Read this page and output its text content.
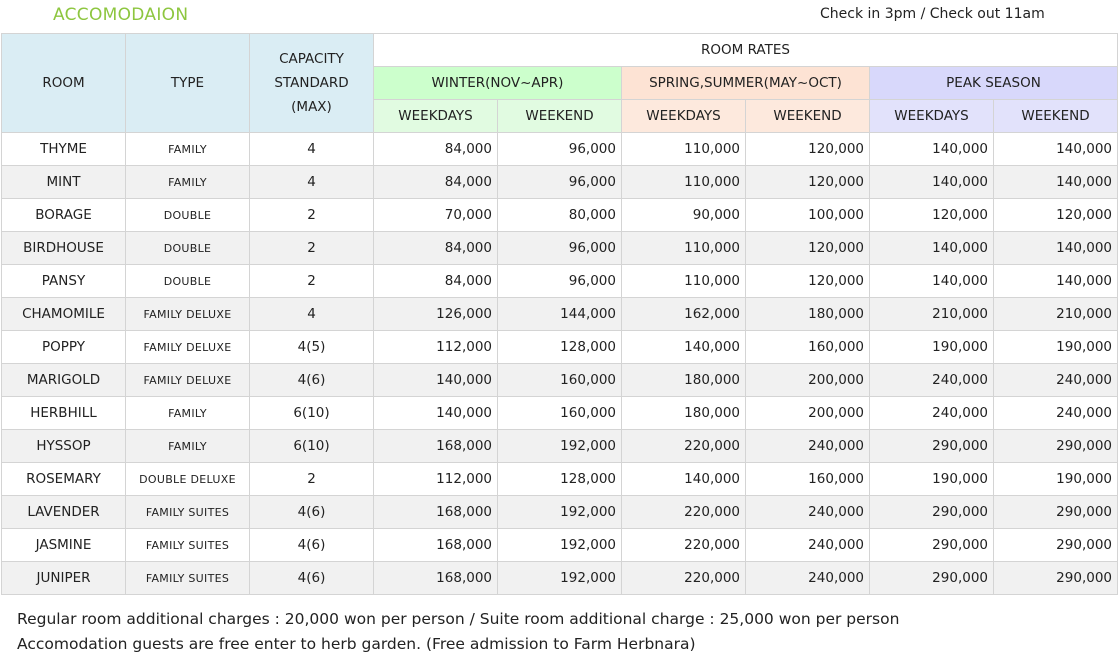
ACCOMODAION	Check in 3pm / Check out 11am
ROOM	TYPE	CAPACITY STANDARD (MAX)	ROOM RATES					
			WINTER(NOV~APR)		SPRING,SUMMER(MAY~OCT)		PEAK SEASON	
			WEEKDAYS	WEEKEND	WEEKDAYS	WEEKEND	WEEKDAYS	WEEKEND
THYME	FAMILY	4	84,000	96,000	110,000	120,000	140,000	140,000
MINT	FAMILY	4	84,000	96,000	110,000	120,000	140,000	140,000
BORAGE	DOUBLE	2	70,000	80,000	90,000	100,000	120,000	120,000
BIRDHOUSE	DOUBLE	2	84,000	96,000	110,000	120,000	140,000	140,000
PANSY	DOUBLE	2	84,000	96,000	110,000	120,000	140,000	140,000
CHAMOMILE	FAMILY DELUXE	4	126,000	144,000	162,000	180,000	210,000	210,000
POPPY	FAMILY DELUXE	4(5)	112,000	128,000	140,000	160,000	190,000	190,000
MARIGOLD	FAMILY DELUXE	4(6)	140,000	160,000	180,000	200,000	240,000	240,000
HERBHILL	FAMILY	6(10)	140,000	160,000	180,000	200,000	240,000	240,000
HYSSOP	FAMILY	6(10)	168,000	192,000	220,000	240,000	290,000	290,000
ROSEMARY	DOUBLE DELUXE	2	112,000	128,000	140,000	160,000	190,000	190,000
LAVENDER	FAMILY SUITES	4(6)	168,000	192,000	220,000	240,000	290,000	290,000
JASMINE	FAMILY SUITES	4(6)	168,000	192,000	220,000	240,000	290,000	290,000
JUNIPER	FAMILY SUITES	4(6)	168,000	192,000	220,000	240,000	290,000	290,000
Regular room additional charges : 20,000 won per person / Suite room additional charge : 25,000 won per person
Accomodation guests are free enter to herb garden. (Free admission to Farm Herbnara)
